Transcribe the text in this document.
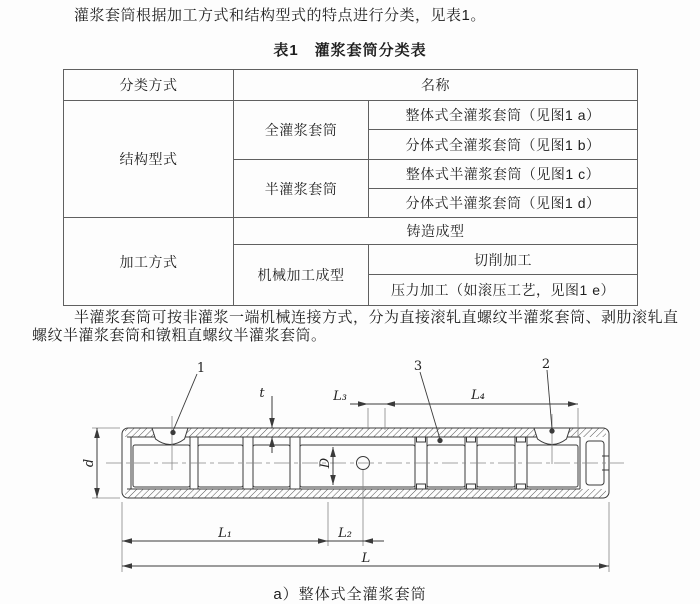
灌浆套筒根据加工方式和结构型式的特点进行分类，见表1。

表1　灌浆套筒分类表
分类方式	名称	
结构型式	全灌浆套筒	整体式全灌浆套筒（见图1 a）
		分体式全灌浆套筒（见图1 b）
	半灌浆套筒	整体式半灌浆套筒（见图1 c）
		分体式半灌浆套筒（见图1 d）
加工方式	铸造成型	
	机械加工成型	切削加工
		压力加工（如滚压工艺，见图1 e）

半灌浆套筒可按非灌浆一端机械连接方式，分为直接滚轧直螺纹半灌浆套筒、剥肋滚轧直螺纹半灌浆套筒和镦粗直螺纹半灌浆套筒。

1	3	2
d
t
D
L₃	L₄
L₁	L₂
L
a）整体式全灌浆套筒
